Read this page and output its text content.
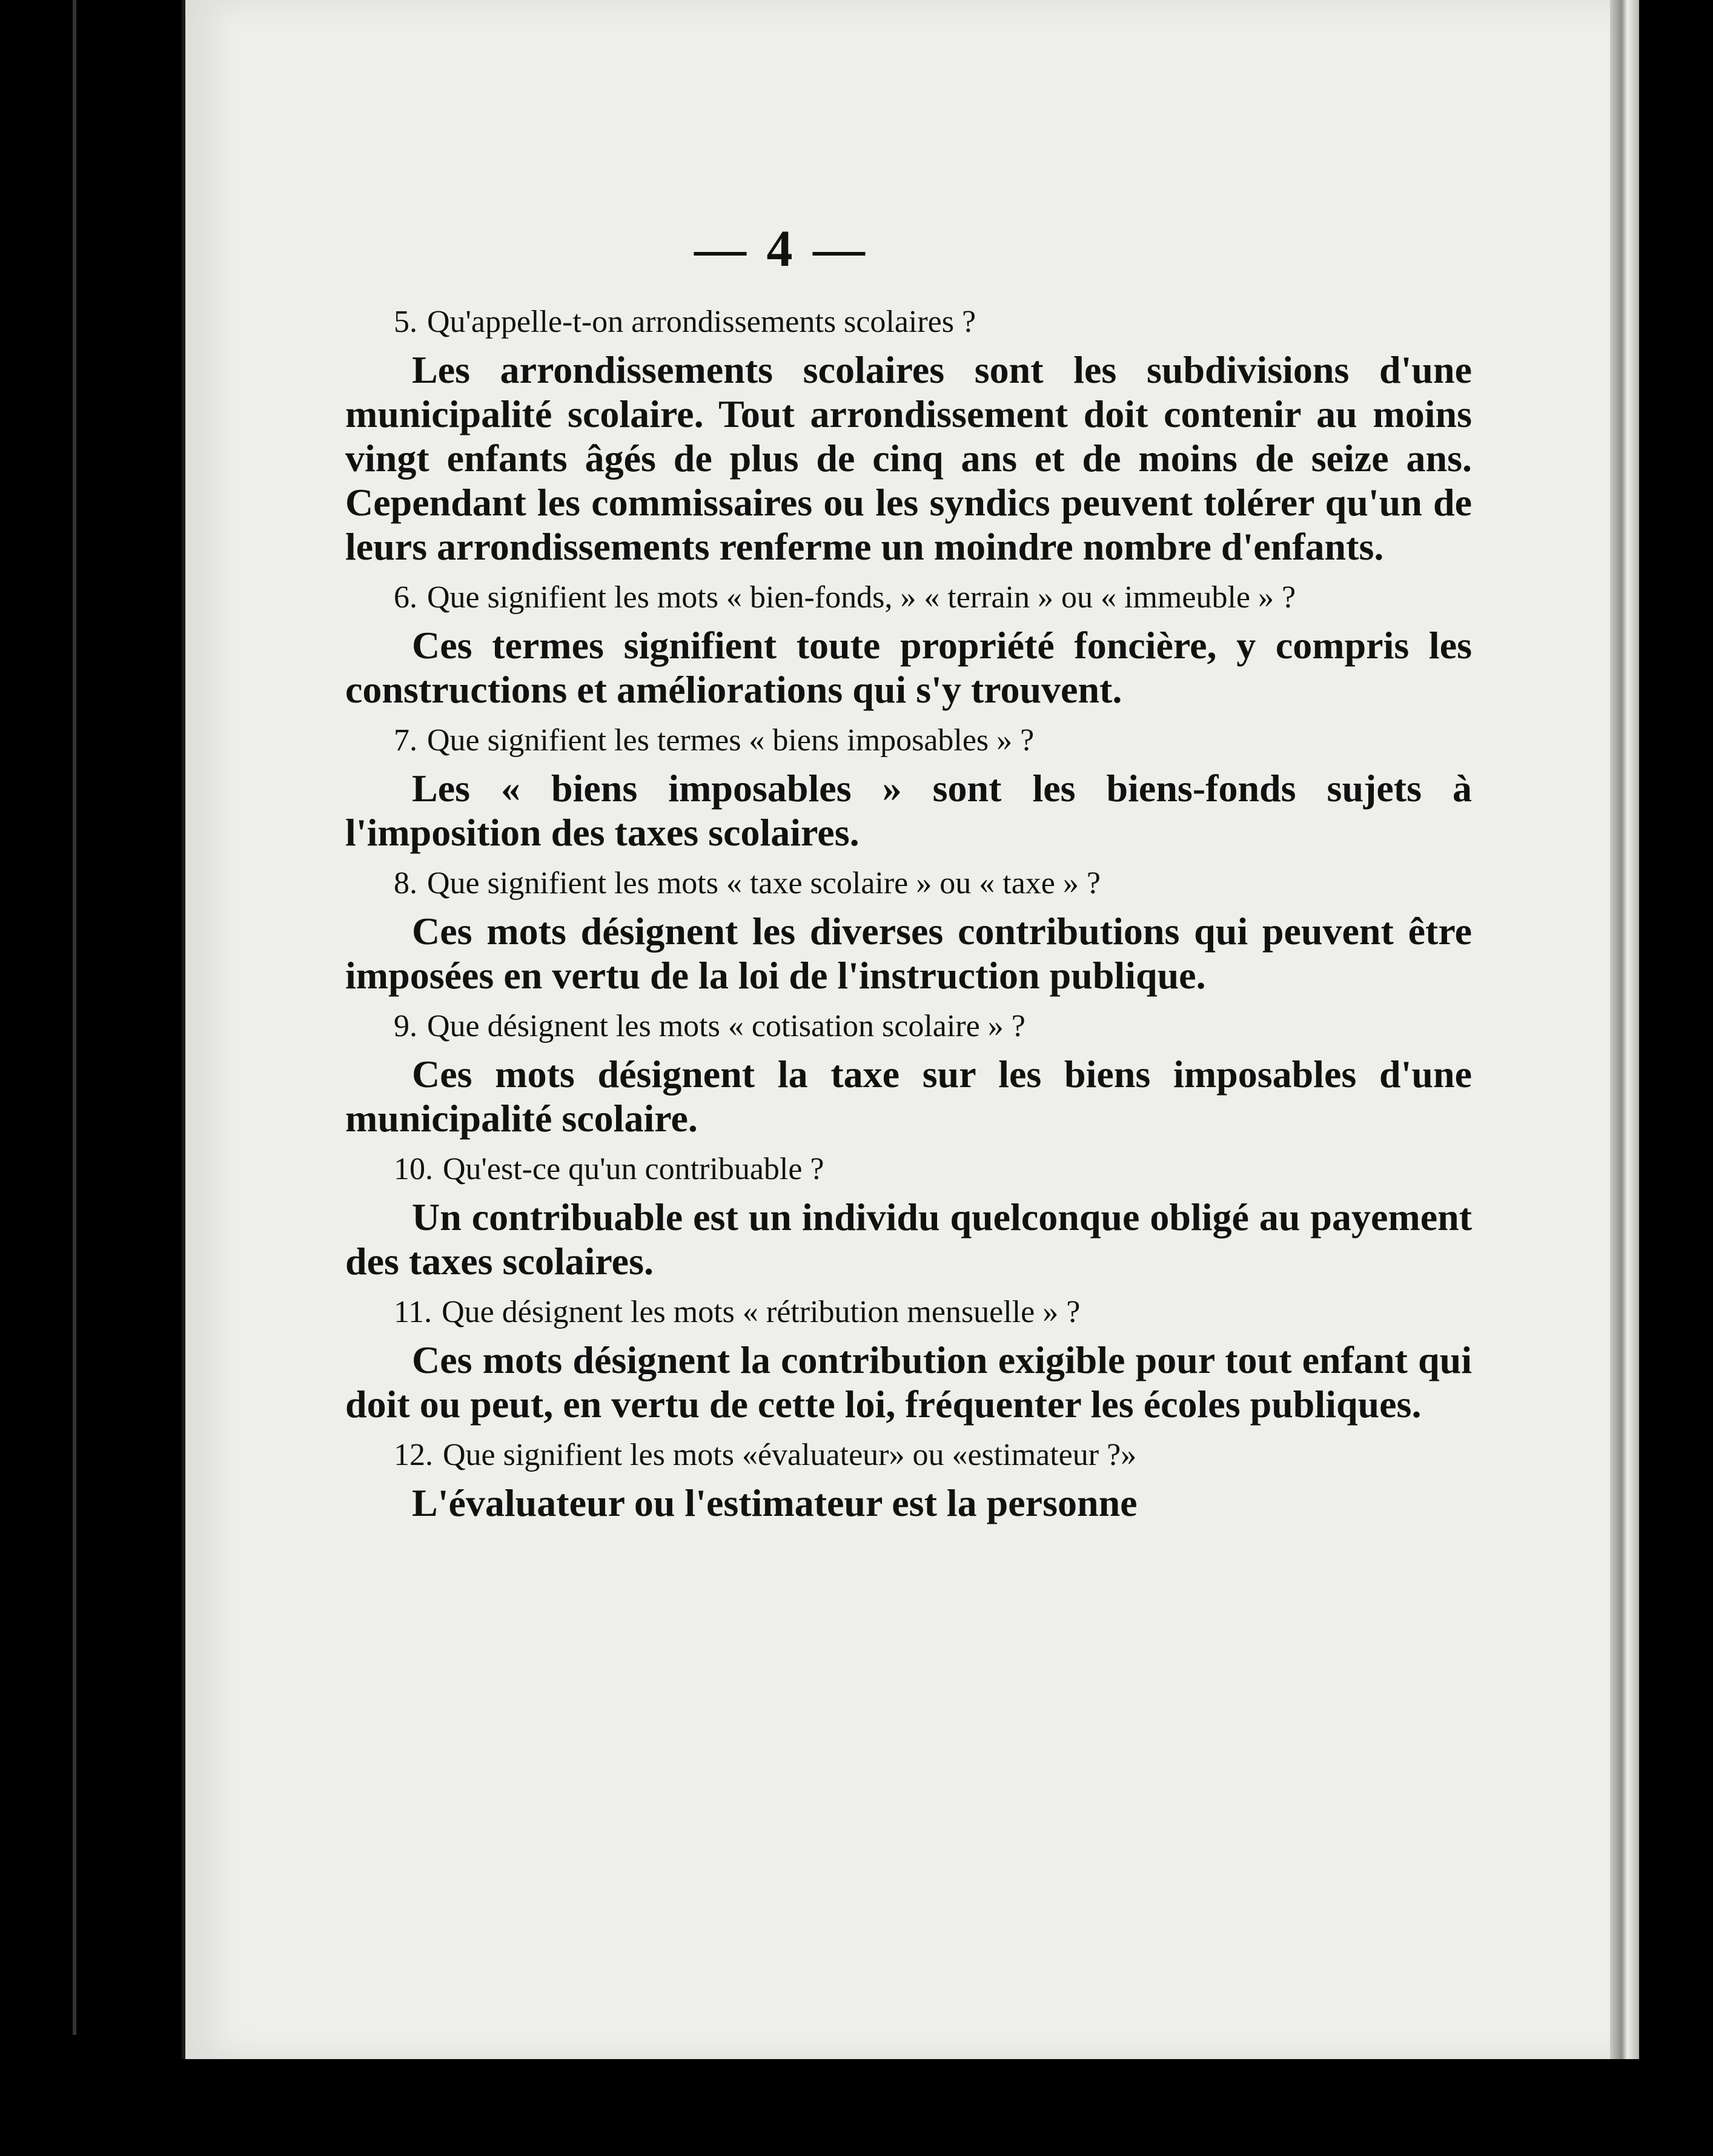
— 4 —

5. Qu'appelle-t-on arrondissements scolaires ?

Les arrondissements scolaires sont les subdivisions d'une municipalité scolaire. Tout arrondissement doit contenir au moins vingt enfants âgés de plus de cinq ans et de moins de seize ans. Cependant les commissaires ou les syndics peuvent tolérer qu'un de leurs arrondissements renferme un moindre nombre d'enfants.

6. Que signifient les mots « bien-fonds, » « terrain » ou « immeuble » ?

Ces termes signifient toute propriété foncière, y compris les constructions et améliorations qui s'y trouvent.

7. Que signifient les termes « biens imposables » ?

Les « biens imposables » sont les biens-fonds sujets à l'imposition des taxes scolaires.

8. Que signifient les mots « taxe scolaire » ou « taxe » ?

Ces mots désignent les diverses contributions qui peuvent être imposées en vertu de la loi de l'instruction publique.

9. Que désignent les mots « cotisation scolaire » ?

Ces mots désignent la taxe sur les biens imposables d'une municipalité scolaire.

10. Qu'est-ce qu'un contribuable ?

Un contribuable est un individu quelconque obligé au payement des taxes scolaires.

11. Que désignent les mots « rétribution mensuelle » ?

Ces mots désignent la contribution exigible pour tout enfant qui doit ou peut, en vertu de cette loi, fréquenter les écoles publiques.

12. Que signifient les mots «évaluateur» ou «estimateur ?»

L'évaluateur ou l'estimateur est la personne
